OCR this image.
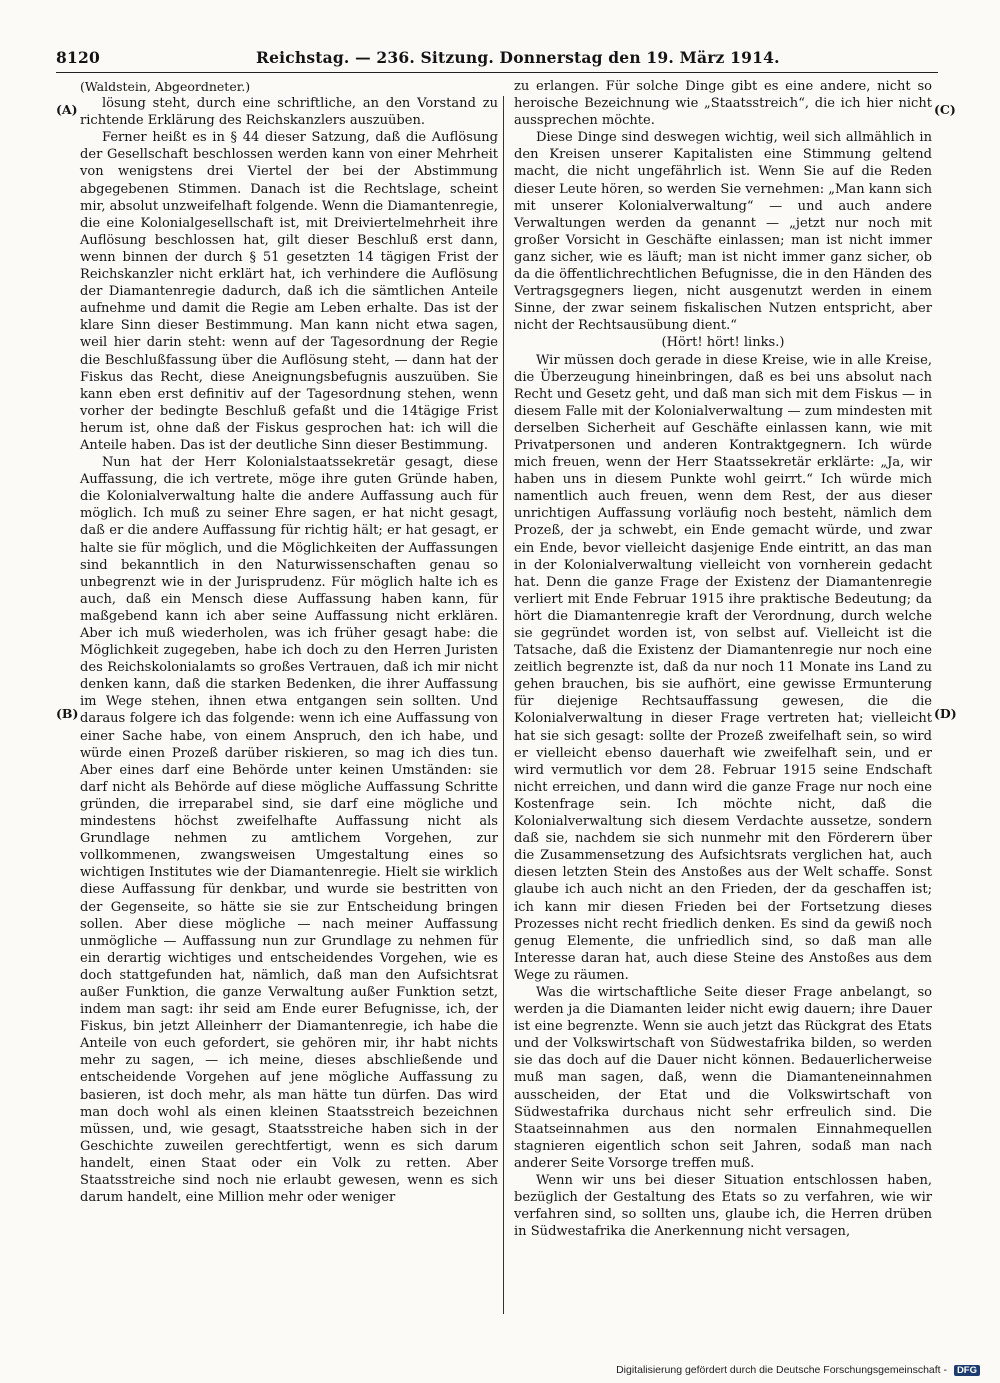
8120	Reichstag. — 236. Sitzung. Donnerstag den 19. März 1914.
(A)
(B)
(C)
(D)

(Waldstein, Abgeordneter.)

lösung steht, durch eine schriftliche, an den Vorstand zu richtende Erklärung des Reichskanzlers auszuüben.

Ferner heißt es in § 44 dieser Satzung, daß die Auflösung der Gesellschaft beschlossen werden kann von einer Mehrheit von wenigstens drei Viertel der bei der Abstimmung abgegebenen Stimmen. Danach ist die Rechtslage, scheint mir, absolut unzweifelhaft folgende. Wenn die Diamantenregie, die eine Kolonialgesellschaft ist, mit Dreiviertelmehrheit ihre Auflösung beschlossen hat, gilt dieser Beschluß erst dann, wenn binnen der durch § 51 gesetzten 14 tägigen Frist der Reichskanzler nicht erklärt hat, ich verhindere die Auflösung der Diamantenregie dadurch, daß ich die sämtlichen Anteile aufnehme und damit die Regie am Leben erhalte. Das ist der klare Sinn dieser Bestimmung. Man kann nicht etwa sagen, weil hier darin steht: wenn auf der Tagesordnung der Regie die Beschlußfassung über die Auflösung steht, — dann hat der Fiskus das Recht, diese Aneignungsbefugnis auszuüben. Sie kann eben erst definitiv auf der Tagesordnung stehen, wenn vorher der bedingte Beschluß gefaßt und die 14tägige Frist herum ist, ohne daß der Fiskus gesprochen hat: ich will die Anteile haben. Das ist der deutliche Sinn dieser Bestimmung.

Nun hat der Herr Kolonialstaatssekretär gesagt, diese Auffassung, die ich vertrete, möge ihre guten Gründe haben, die Kolonialverwaltung halte die andere Auffassung auch für möglich. Ich muß zu seiner Ehre sagen, er hat nicht gesagt, daß er die andere Auffassung für richtig hält; er hat gesagt, er halte sie für möglich, und die Möglichkeiten der Auffassungen sind bekanntlich in den Naturwissenschaften genau so unbegrenzt wie in der Jurisprudenz. Für möglich halte ich es auch, daß ein Mensch diese Auffassung haben kann, für maßgebend kann ich aber seine Auffassung nicht erklären. Aber ich muß wiederholen, was ich früher gesagt habe: die Möglichkeit zugegeben, habe ich doch zu den Herren Juristen des Reichskolonialamts so großes Vertrauen, daß ich mir nicht denken kann, daß die starken Bedenken, die ihrer Auffassung im Wege stehen, ihnen etwa entgangen sein sollten. Und daraus folgere ich das folgende: wenn ich eine Auffassung von einer Sache habe, von einem Anspruch, den ich habe, und würde einen Prozeß darüber riskieren, so mag ich dies tun. Aber eines darf eine Behörde unter keinen Umständen: sie darf nicht als Behörde auf diese mögliche Auffassung Schritte gründen, die irreparabel sind, sie darf eine mögliche und mindestens höchst zweifelhafte Auffassung nicht als Grundlage nehmen zu amtlichem Vorgehen, zur vollkommenen, zwangsweisen Umgestaltung eines so wichtigen Institutes wie der Diamantenregie. Hielt sie wirklich diese Auffassung für denkbar, und wurde sie bestritten von der Gegenseite, so hätte sie sie zur Entscheidung bringen sollen. Aber diese mögliche — nach meiner Auffassung unmögliche — Auffassung nun zur Grundlage zu nehmen für ein derartig wichtiges und entscheidendes Vorgehen, wie es doch stattgefunden hat, nämlich, daß man den Aufsichtsrat außer Funktion, die ganze Verwaltung außer Funktion setzt, indem man sagt: ihr seid am Ende eurer Befugnisse, ich, der Fiskus, bin jetzt Alleinherr der Diamantenregie, ich habe die Anteile von euch gefordert, sie gehören mir, ihr habt nichts mehr zu sagen, — ich meine, dieses abschließende und entscheidende Vorgehen auf jene mögliche Auffassung zu basieren, ist doch mehr, als man hätte tun dürfen. Das wird man doch wohl als einen kleinen Staatsstreich bezeichnen müssen, und, wie gesagt, Staatsstreiche haben sich in der Geschichte zuweilen gerechtfertigt, wenn es sich darum handelt, einen Staat oder ein Volk zu retten. Aber Staatsstreiche sind noch nie erlaubt gewesen, wenn es sich darum handelt, eine Million mehr oder weniger

zu erlangen. Für solche Dinge gibt es eine andere, nicht so heroische Bezeichnung wie „Staatsstreich“, die ich hier nicht aussprechen möchte.

Diese Dinge sind deswegen wichtig, weil sich allmählich in den Kreisen unserer Kapitalisten eine Stimmung geltend macht, die nicht ungefährlich ist. Wenn Sie auf die Reden dieser Leute hören, so werden Sie vernehmen: „Man kann sich mit unserer Kolonialverwaltung“ — und auch andere Verwaltungen werden da genannt — „jetzt nur noch mit großer Vorsicht in Geschäfte einlassen; man ist nicht immer ganz sicher, wie es läuft; man ist nicht immer ganz sicher, ob da die öffentlichrechtlichen Befugnisse, die in den Händen des Vertragsgegners liegen, nicht ausgenutzt werden in einem Sinne, der zwar seinem fiskalischen Nutzen entspricht, aber nicht der Rechtsausübung dient.“

(Hört! hört! links.)

Wir müssen doch gerade in diese Kreise, wie in alle Kreise, die Überzeugung hineinbringen, daß es bei uns absolut nach Recht und Gesetz geht, und daß man sich mit dem Fiskus — in diesem Falle mit der Kolonialverwaltung — zum mindesten mit derselben Sicherheit auf Geschäfte einlassen kann, wie mit Privatpersonen und anderen Kontraktgegnern. Ich würde mich freuen, wenn der Herr Staatssekretär erklärte: „Ja, wir haben uns in diesem Punkte wohl geirrt.“ Ich würde mich namentlich auch freuen, wenn dem Rest, der aus dieser unrichtigen Auffassung vorläufig noch besteht, nämlich dem Prozeß, der ja schwebt, ein Ende gemacht würde, und zwar ein Ende, bevor vielleicht dasjenige Ende eintritt, an das man in der Kolonialverwaltung vielleicht von vornherein gedacht hat. Denn die ganze Frage der Existenz der Diamantenregie verliert mit Ende Februar 1915 ihre praktische Bedeutung; da hört die Diamantenregie kraft der Verordnung, durch welche sie gegründet worden ist, von selbst auf. Vielleicht ist die Tatsache, daß die Existenz der Diamantenregie nur noch eine zeitlich begrenzte ist, daß da nur noch 11 Monate ins Land zu gehen brauchen, bis sie aufhört, eine gewisse Ermunterung für diejenige Rechtsauffassung gewesen, die die Kolonialverwaltung in dieser Frage vertreten hat; vielleicht hat sie sich gesagt: sollte der Prozeß zweifelhaft sein, so wird er vielleicht ebenso dauerhaft wie zweifelhaft sein, und er wird vermutlich vor dem 28. Februar 1915 seine Endschaft nicht erreichen, und dann wird die ganze Frage nur noch eine Kostenfrage sein. Ich möchte nicht, daß die Kolonialverwaltung sich diesem Verdachte aussetze, sondern daß sie, nachdem sie sich nunmehr mit den Förderern über die Zusammensetzung des Aufsichtsrats verglichen hat, auch diesen letzten Stein des Anstoßes aus der Welt schaffe. Sonst glaube ich auch nicht an den Frieden, der da geschaffen ist; ich kann mir diesen Frieden bei der Fortsetzung dieses Prozesses nicht recht friedlich denken. Es sind da gewiß noch genug Elemente, die unfriedlich sind, so daß man alle Interesse daran hat, auch diese Steine des Anstoßes aus dem Wege zu räumen.

Was die wirtschaftliche Seite dieser Frage anbelangt, so werden ja die Diamanten leider nicht ewig dauern; ihre Dauer ist eine begrenzte. Wenn sie auch jetzt das Rückgrat des Etats und der Volkswirtschaft von Südwestafrika bilden, so werden sie das doch auf die Dauer nicht können. Bedauerlicherweise muß man sagen, daß, wenn die Diamanteneinnahmen ausscheiden, der Etat und die Volkswirtschaft von Südwestafrika durchaus nicht sehr erfreulich sind. Die Staatseinnahmen aus den normalen Einnahmequellen stagnieren eigentlich schon seit Jahren, sodaß man nach anderer Seite Vorsorge treffen muß.

Wenn wir uns bei dieser Situation entschlossen haben, bezüglich der Gestaltung des Etats so zu verfahren, wie wir verfahren sind, so sollten uns, glaube ich, die Herren drüben in Südwestafrika die Anerkennung nicht versagen,

Digitalisierung gefördert durch die Deutsche Forschungsgemeinschaft - DFG
